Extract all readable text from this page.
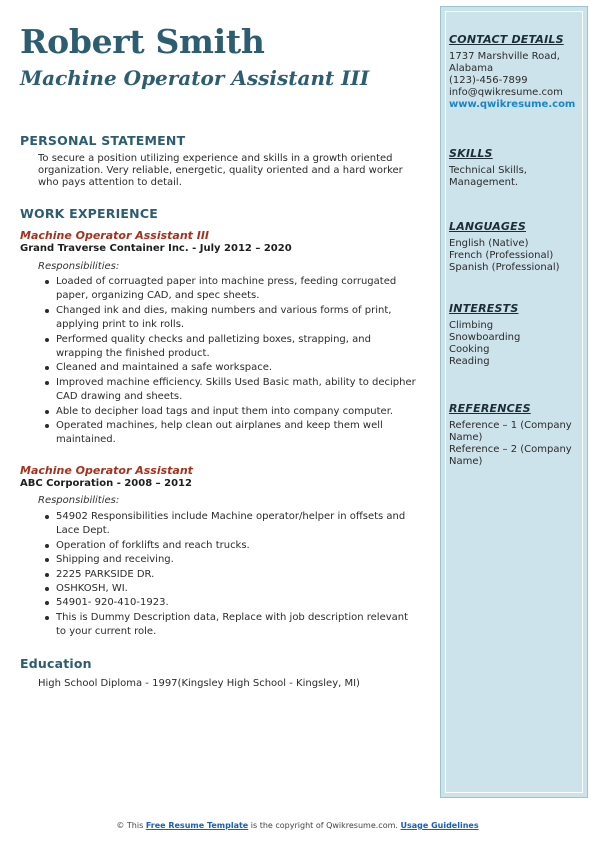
Robert Smith
Machine Operator Assistant III
PERSONAL STATEMENT
To secure a position utilizing experience and skills in a growth oriented
organization. Very reliable, energetic, quality oriented and a hard worker
who pays attention to detail.
WORK EXPERIENCE
Machine Operator Assistant III
Grand Traverse Container Inc. - July 2012 – 2020
Responsibilities:
Loaded of corruagted paper into machine press, feeding corrugated
paper, organizing CAD, and spec sheets.
Changed ink and dies, making numbers and various forms of print,
applying print to ink rolls.
Performed quality checks and palletizing boxes, strapping, and
wrapping the finished product.
Cleaned and maintained a safe workspace.
Improved machine efficiency. Skills Used Basic math, ability to decipher
CAD drawing and sheets.
Able to decipher load tags and input them into company computer.
Operated machines, help clean out airplanes and keep them well
maintained.
Machine Operator Assistant
ABC Corporation - 2008 – 2012
Responsibilities:
54902 Responsibilities include Machine operator/helper in offsets and
Lace Dept.
Operation of forklifts and reach trucks.
Shipping and receiving.
2225 PARKSIDE DR.
OSHKOSH, WI.
54901- 920-410-1923.
This is Dummy Description data, Replace with job description relevant
to your current role.
Education
High School Diploma - 1997(Kingsley High School - Kingsley, MI)
CONTACT DETAILS
1737 Marshville Road,
Alabama
(123)-456-7899
info@qwikresume.com
www.qwikresume.com
SKILLS
Technical Skills,
Management.
LANGUAGES
English (Native)
French (Professional)
Spanish (Professional)
INTERESTS
Climbing
Snowboarding
Cooking
Reading
REFERENCES
Reference – 1 (Company
Name)
Reference – 2 (Company
Name)
© This Free Resume Template is the copyright of Qwikresume.com. Usage Guidelines
